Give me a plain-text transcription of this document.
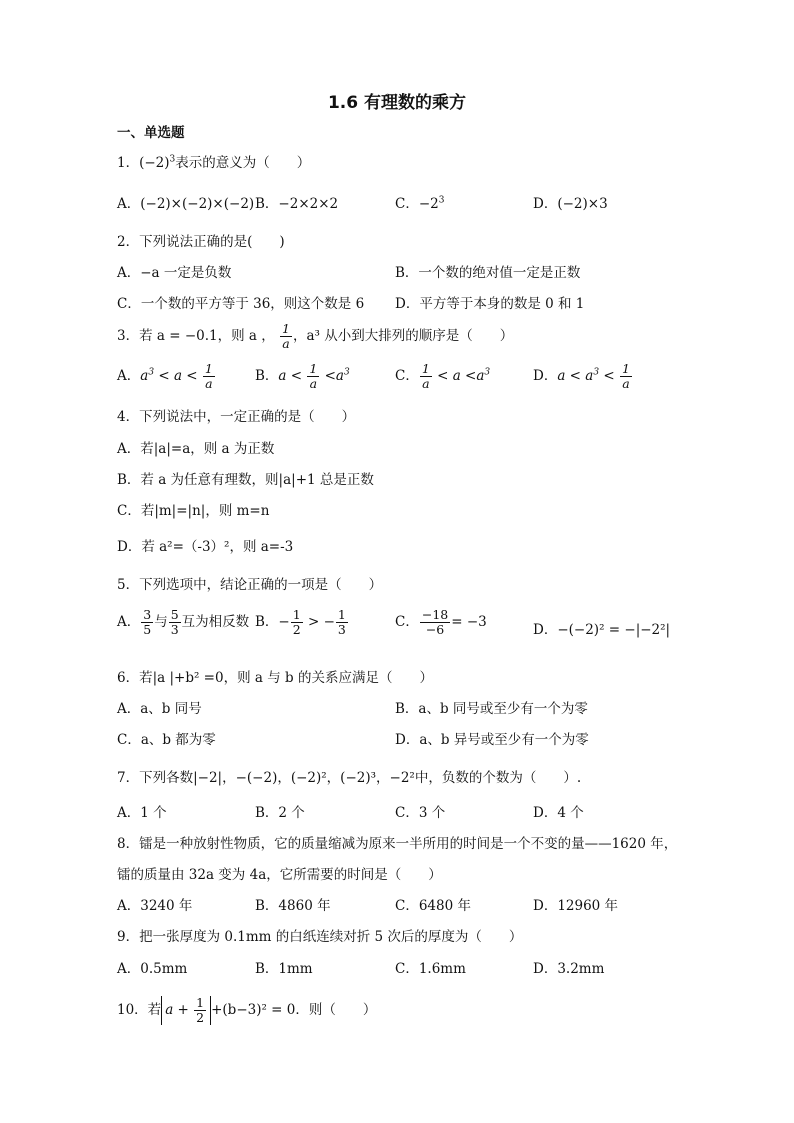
1.6 有理数的乘方
一、单选题
1．$(-2)^3$表示的意义为（　　）
A．(−2)×(−2)×(−2) B．−2×2×2	C．$-2^3$	D．(−2)×3
2．下列说法正确的是(　　)
A．−a 一定是负数	B．一个数的绝对值一定是正数
C．一个数的平方等于 36，则这个数是 6 D．平方等于本身的数是 0 和 1
3．若 a = −0.1，则 a ， $\frac{1}{a}$ ，a³ 从小到大排列的顺序是（　　）
A．$a^3 < a < \frac{1}{a}$	B．$a < \frac{1}{a} <a^3$	C． $\frac{1}{a} < a <a^3$	D．$a < a^3 < \frac{1}{a}$
4．下列说法中，一定正确的是（　　）
A．若|a|=a，则 a 为正数
B．若 a 为任意有理数，则|a|+1 总是正数
C．若|m|=|n|，则 m=n
D．若 a²=（-3）²，则 a=-3
5．下列选项中，结论正确的一项是（　　）
A． $\frac{3}{5}$ 与 $\frac{5}{3}$ 互为相反数 B．− $\frac{1}{2}$ > − $\frac{1}{3}$	C． $\frac{-18}{-6} = -3$	D．−(−2)² = −|−2²|
6．若|a |+b² =0，则 a 与 b 的关系应满足（　　）
A．a、b 同号	B．a、b 同号或至少有一个为零
C．a、b 都为零	D．a、b 异号或至少有一个为零
7．下列各数|−2|，−(−2)，(−2)²，(−2)³，−2²中，负数的个数为（　　）.
A．1 个	B．2 个	C．3 个	D．4 个
8．镭是一种放射性物质，它的质量缩减为原来一半所用的时间是一个不变的量——1620 年，
镭的质量由 32a 变为 4a，它所需要的时间是（　　）
A．3240 年	B．4860 年	C．6480 年	D．12960 年
9．把一张厚度为 0.1mm 的白纸连续对折 5 次后的厚度为（　　）
A．0.5mm	B．1mm	C．1.6mm	D．3.2mm
10．若 $a + \frac{1}{2} +(b-3)^2 = 0$．则（　　）
